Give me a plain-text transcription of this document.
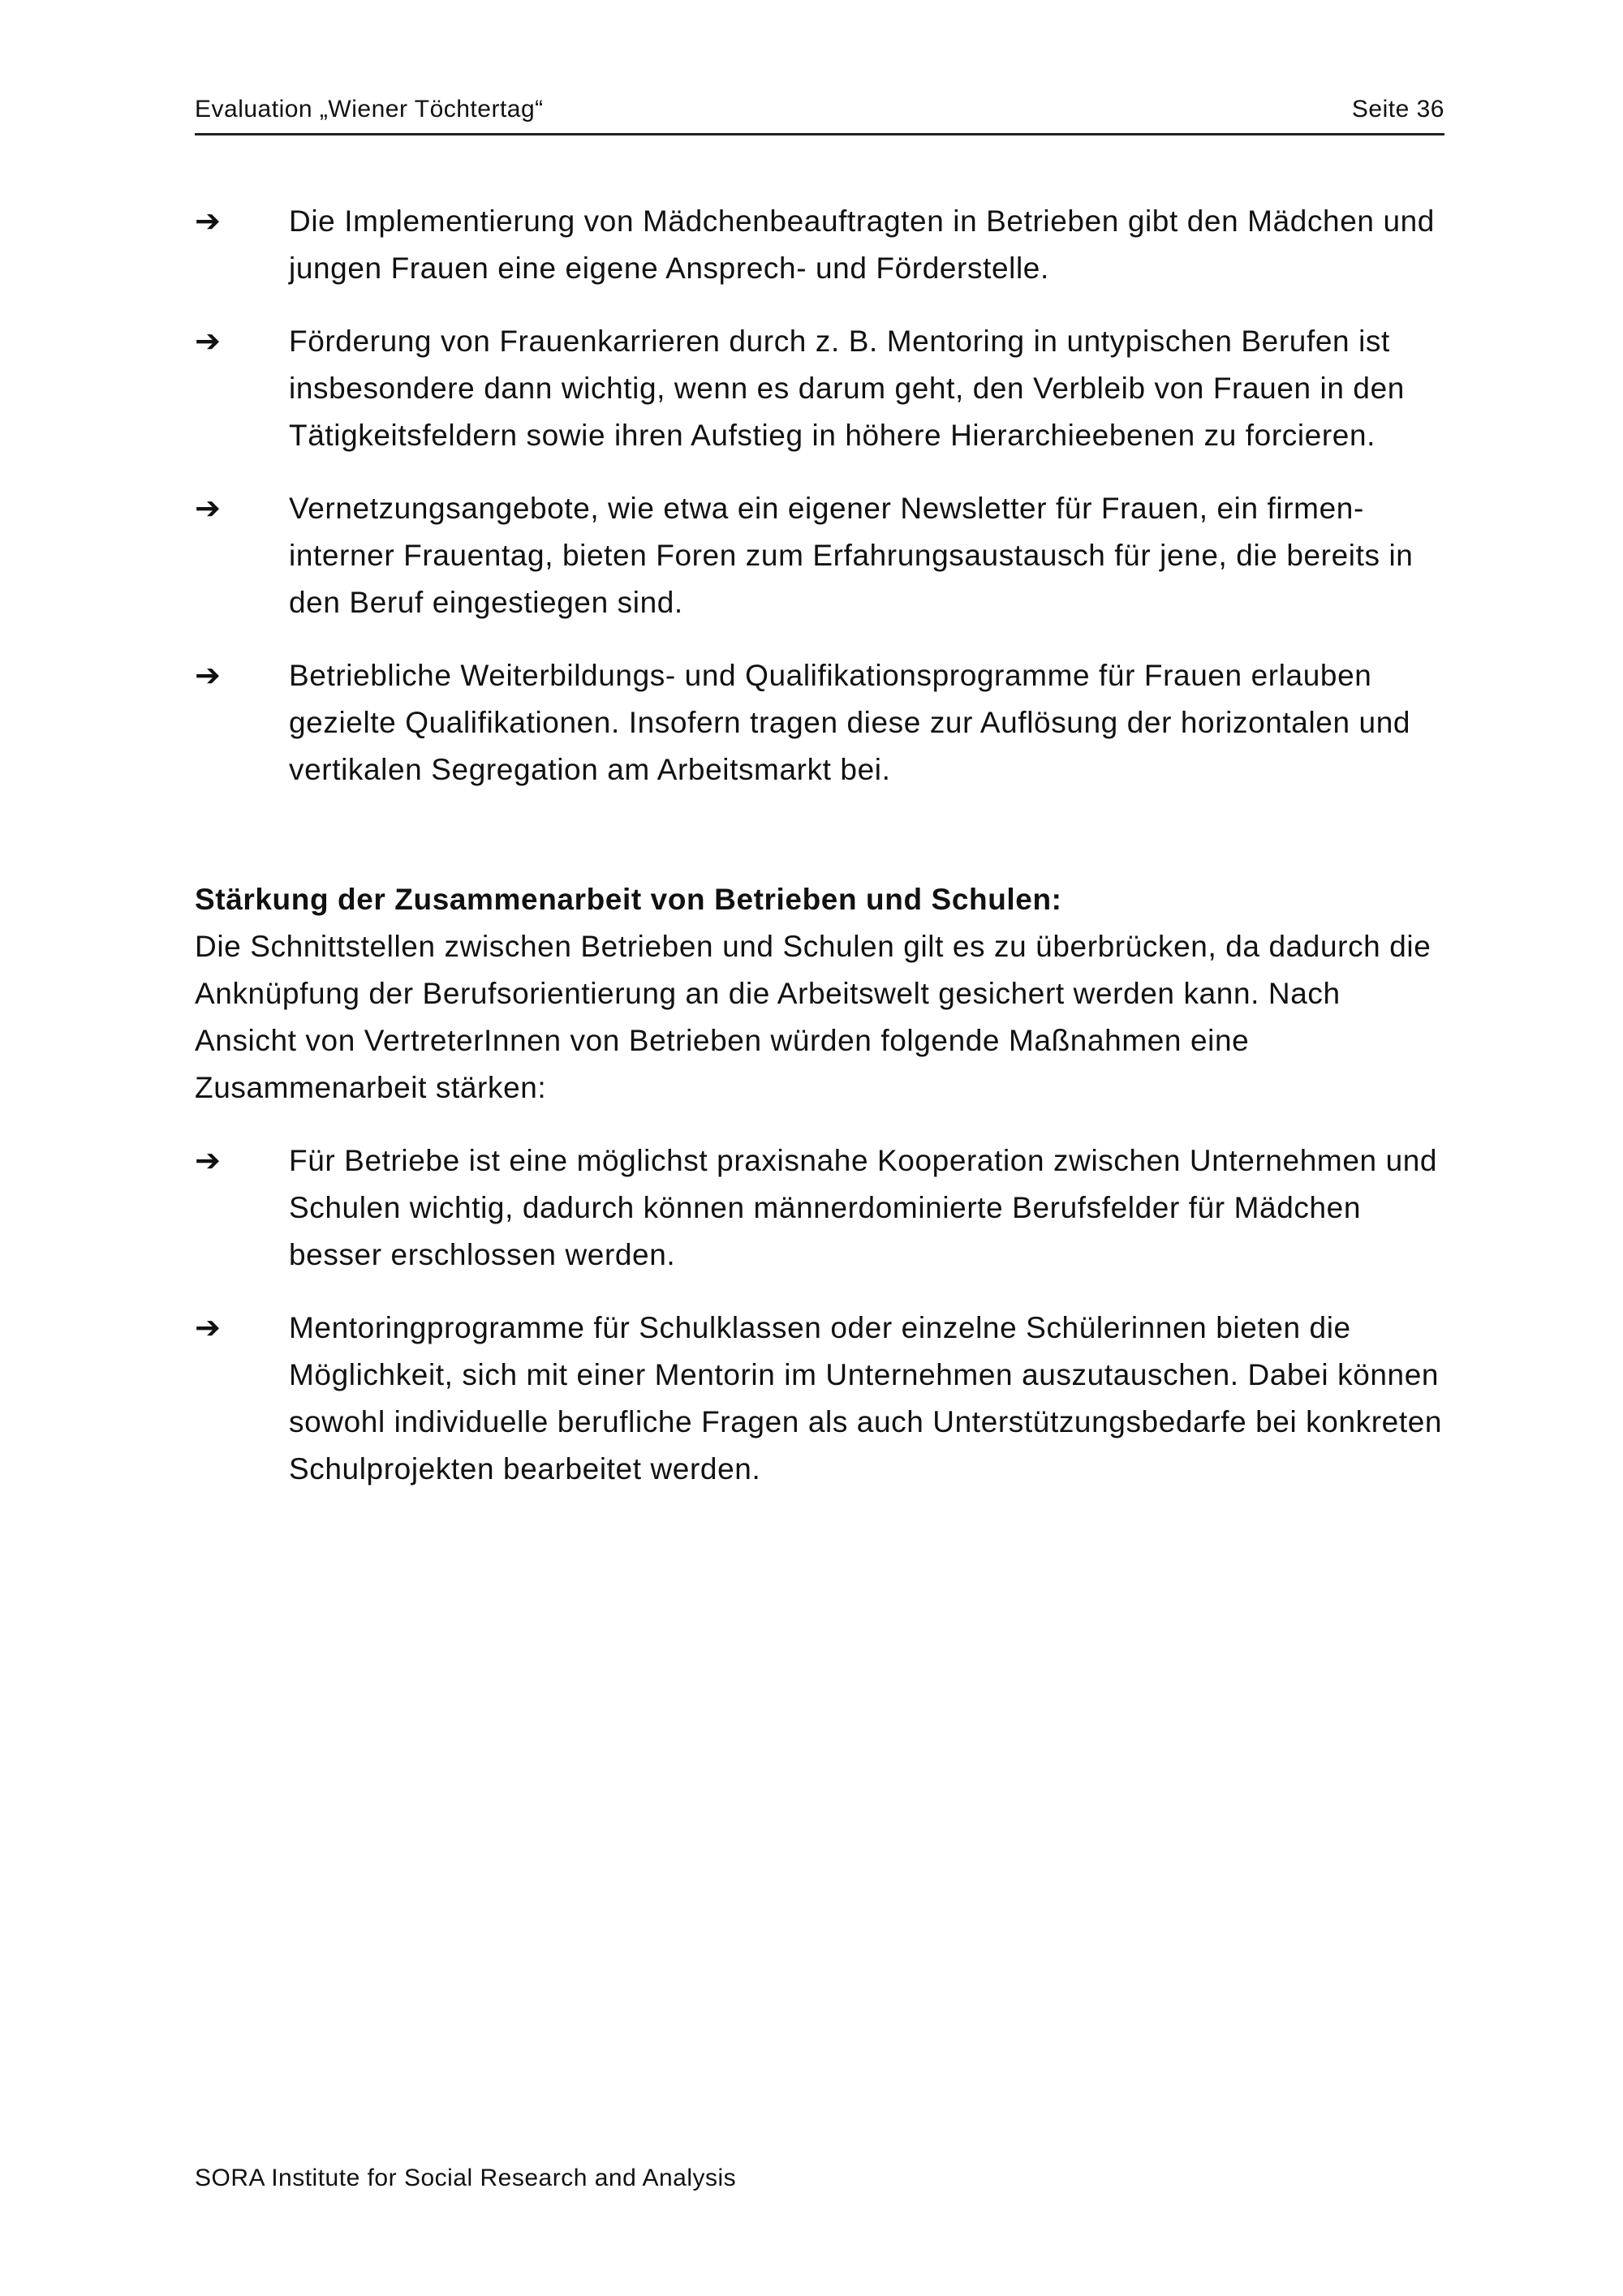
Evaluation „Wiener Töchtertag“	Seite 36
➔	Die Implementierung von Mädchenbeauftragten in Betrieben gibt den Mädchen und jungen Frauen eine eigene Ansprech- und Förderstelle.
➔	Förderung von Frauenkarrieren durch z. B. Mentoring in untypischen Berufen ist insbesondere dann wichtig, wenn es darum geht, den Verbleib von Frauen in den Tätigkeitsfeldern sowie ihren Aufstieg in höhere Hierarchieebenen zu forcieren.
➔	Vernetzungsangebote, wie etwa ein eigener Newsletter für Frauen, ein firmen-interner Frauentag, bieten Foren zum Erfahrungsaustausch für jene, die bereits in den Beruf eingestiegen sind.
➔	Betriebliche Weiterbildungs- und Qualifikationsprogramme für Frauen erlauben gezielte Qualifikationen. Insofern tragen diese zur Auflösung der horizontalen und vertikalen Segregation am Arbeitsmarkt bei.

Stärkung der Zusammenarbeit von Betrieben und Schulen:

Die Schnittstellen zwischen Betrieben und Schulen gilt es zu überbrücken, da dadurch die Anknüpfung der Berufsorientierung an die Arbeitswelt gesichert werden kann. Nach Ansicht von VertreterInnen von Betrieben würden folgende Maßnahmen eine Zusammenarbeit stärken:

➔	Für Betriebe ist eine möglichst praxisnahe Kooperation zwischen Unternehmen und Schulen wichtig, dadurch können männerdominierte Berufsfelder für Mädchen besser erschlossen werden.
➔	Mentoringprogramme für Schulklassen oder einzelne Schülerinnen bieten die Möglichkeit, sich mit einer Mentorin im Unternehmen auszutauschen. Dabei können sowohl individuelle berufliche Fragen als auch Unterstützungsbedarfe bei konkreten Schulprojekten bearbeitet werden.
SORA Institute for Social Research and Analysis
